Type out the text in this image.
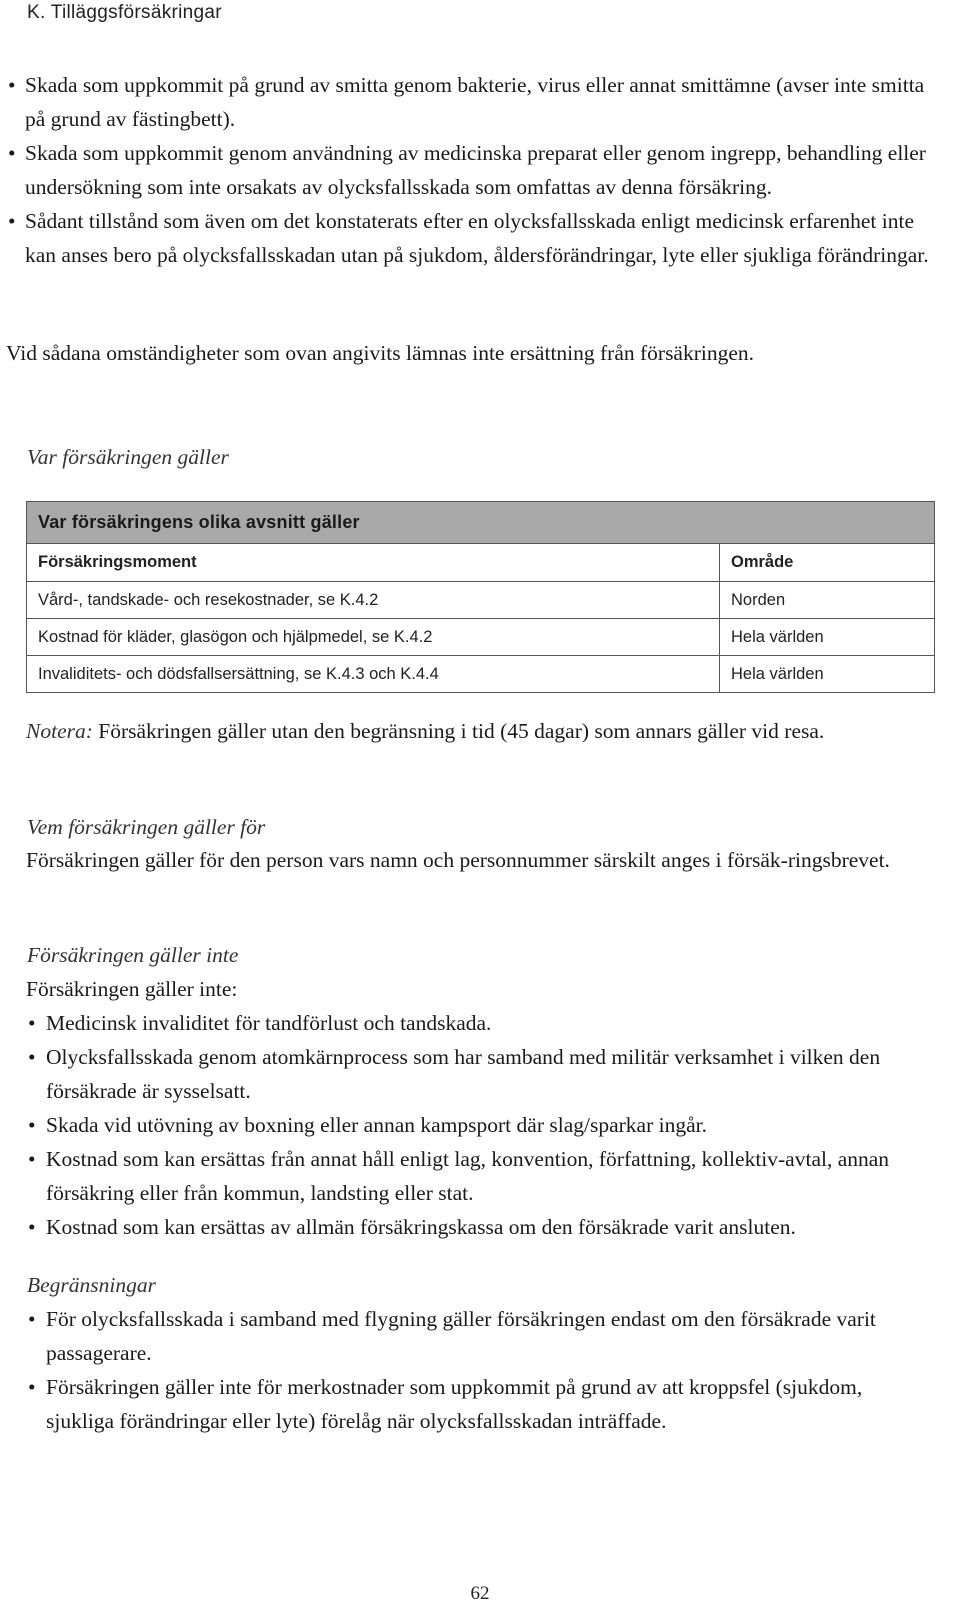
K. Tilläggsförsäkringar
• Skada som uppkommit på grund av smitta genom bakterie, virus eller annat smittämne (avser inte smitta på grund av fästingbett).
• Skada som uppkommit genom användning av medicinska preparat eller genom ingrepp, behandling eller undersökning som inte orsakats av olycksfallsskada som omfattas av denna försäkring.
• Sådant tillstånd som även om det konstaterats efter en olycksfallsskada enligt medicinsk erfarenhet inte kan anses bero på olycksfallsskadan utan på sjukdom, åldersförändringar, lyte eller sjukliga förändringar.

Vid sådana omständigheter som ovan angivits lämnas inte ersättning från försäkringen.

Var försäkringen gäller
Var försäkringens olika avsnitt gäller	
Försäkringsmoment	Område
Vård-, tandskade- och resekostnader, se K.4.2	Norden
Kostnad för kläder, glasögon och hjälpmedel, se K.4.2	Hela världen
Invaliditets- och dödsfallsersättning, se K.4.3 och K.4.4	Hela världen

Notera: Försäkringen gäller utan den begränsning i tid (45 dagar) som annars gäller vid resa.

Vem försäkringen gäller för

Försäkringen gäller för den person vars namn och personnummer särskilt anges i försäk-ringsbrevet.

Försäkringen gäller inte

Försäkringen gäller inte:

• Medicinsk invaliditet för tandförlust och tandskada.
• Olycksfallsskada genom atomkärnprocess som har samband med militär verksamhet i vilken den försäkrade är sysselsatt.
• Skada vid utövning av boxning eller annan kampsport där slag/sparkar ingår.
• Kostnad som kan ersättas från annat håll enligt lag, konvention, författning, kollektiv-avtal, annan försäkring eller från kommun, landsting eller stat.
• Kostnad som kan ersättas av allmän försäkringskassa om den försäkrade varit ansluten.
Begränsningar
• För olycksfallsskada i samband med flygning gäller försäkringen endast om den försäkrade varit passagerare.
• Försäkringen gäller inte för merkostnader som uppkommit på grund av att kroppsfel (sjukdom, sjukliga förändringar eller lyte) förelåg när olycksfallsskadan inträffade.
62
